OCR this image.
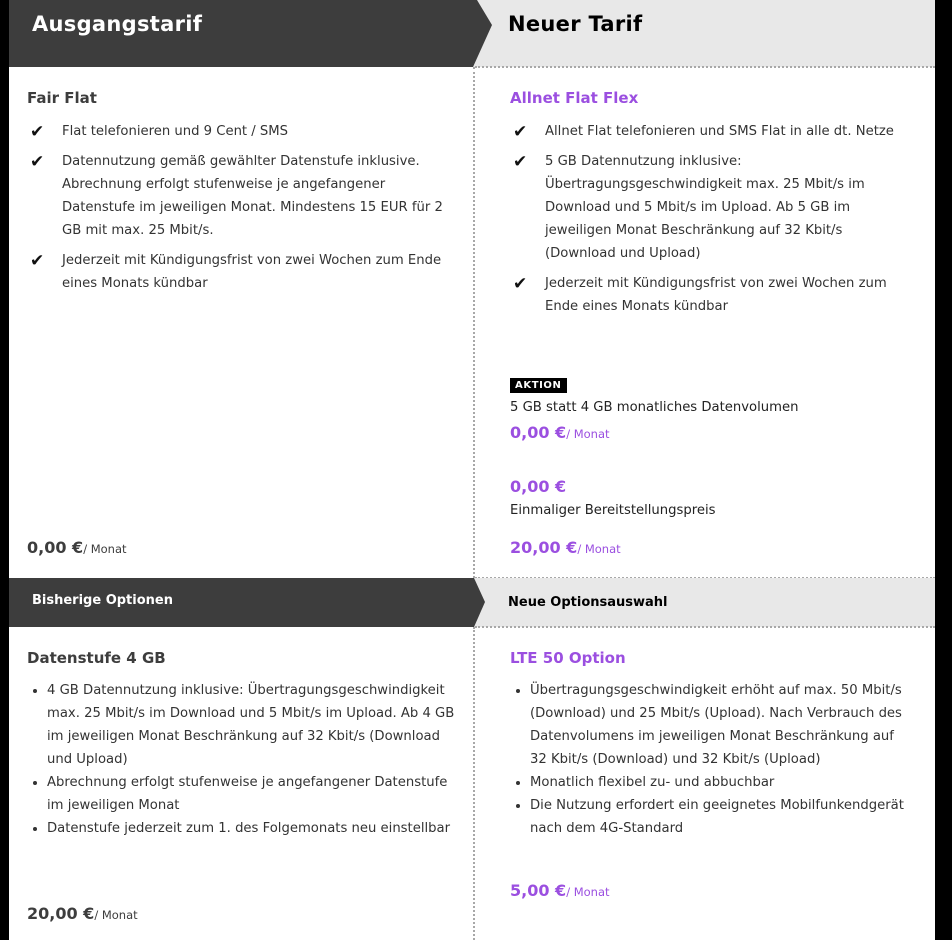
Neuer Tarif
Ausgangstarif
Fair Flat
✔ Flat telefonieren und 9 Cent / SMS
✔ Datennutzung gemäß gewählter Datenstufe inklusive. Abrechnung erfolgt stufenweise je angefangener Datenstufe im jeweiligen Monat. Mindestens 15 EUR für 2 GB mit max. 25 Mbit/s.
✔ Jederzeit mit Kündigungsfrist von zwei Wochen zum Ende eines Monats kündbar
0,00 €/ Monat
Allnet Flat Flex
✔ Allnet Flat telefonieren und SMS Flat in alle dt. Netze
✔ 5 GB Datennutzung inklusive: Übertragungsgeschwindigkeit max. 25 Mbit/s im Download und 5 Mbit/s im Upload. Ab 5 GB im jeweiligen Monat Beschränkung auf 32 Kbit/s (Download und Upload)
✔ Jederzeit mit Kündigungsfrist von zwei Wochen zum Ende eines Monats kündbar
AKTION
5 GB statt 4 GB monatliches Datenvolumen
0,00 €/ Monat
0,00 €
Einmaliger Bereitstellungspreis
20,00 €/ Monat
Neue Optionsauswahl
Bisherige Optionen
Datenstufe 4 GB
• 4 GB Datennutzung inklusive: Übertragungsgeschwindigkeit max. 25 Mbit/s im Download und 5 Mbit/s im Upload. Ab 4 GB im jeweiligen Monat Beschränkung auf 32 Kbit/s (Download und Upload)
• Abrechnung erfolgt stufenweise je angefangener Datenstufe im jeweiligen Monat
• Datenstufe jederzeit zum 1. des Folgemonats neu einstellbar
20,00 €/ Monat
LTE 50 Option
• Übertragungsgeschwindigkeit erhöht auf max. 50 Mbit/s (Download) und 25 Mbit/s (Upload). Nach Verbrauch des Datenvolumens im jeweiligen Monat Beschränkung auf 32 Kbit/s (Download) und 32 Kbit/s (Upload)
• Monatlich flexibel zu- und abbuchbar
• Die Nutzung erfordert ein geeignetes Mobilfunkendgerät nach dem 4G-Standard
5,00 €/ Monat
